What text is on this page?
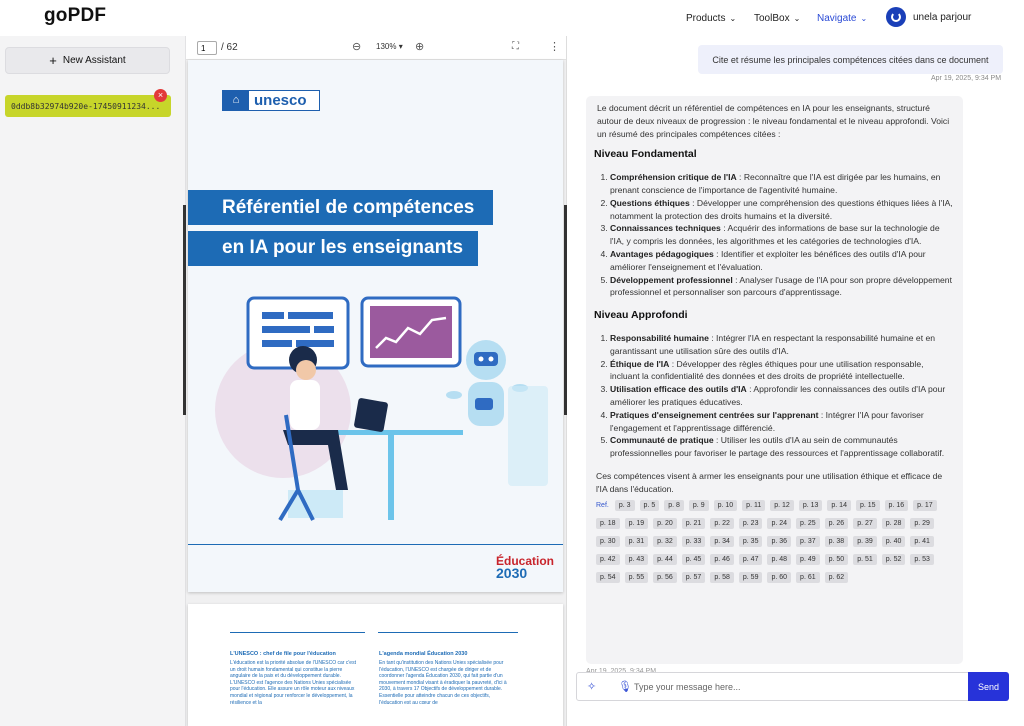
goPDF	Products ⌄ ToolBox ⌄ Navigate ⌄	unela parjour
+ New Assistant
0ddb8b32974b920e-17450911234...
×
1
/ 62	⊖ 130% ▾ ⊕	⛶	⋮
⌂ unesco
Référentiel de compétences
en IA pour les enseignants
Éducation
2030
L'UNESCO : chef de file pour l'éducation
L'éducation est la priorité absolue de l'UNESCO car c'est un droit humain fondamental qui constitue la pierre angulaire de la paix et du développement durable. L'UNESCO est l'agence des Nations Unies spécialisée pour l'éducation. Elle assure un rôle moteur aux niveaux mondial et régional pour renforcer le développement, la résilience et la
L'agenda mondial Éducation 2030
En tant qu'institution des Nations Unies spécialisée pour l'éducation, l'UNESCO est chargée de diriger et de coordonner l'agenda Éducation 2030, qui fait partie d'un mouvement mondial visant à éradiquer la pauvreté, d'ici à 2030, à travers 17 Objectifs de développement durable. Essentielle pour atteindre chacun de ces objectifs, l'éducation est au cœur de
Cite et résume les principales compétences citées dans ce document
Apr 19, 2025, 9:34 PM

Le document décrit un référentiel de compétences en IA pour les enseignants, structuré autour de deux niveaux de progression : le niveau fondamental et le niveau approfondi. Voici un résumé des principales compétences citées :

Niveau Fondamental
1. Compréhension critique de l'IA : Reconnaître que l'IA est dirigée par les humains, en prenant conscience de l'importance de l'agentivité humaine.
2. Questions éthiques : Développer une compréhension des questions éthiques liées à l'IA, notamment la protection des droits humains et la diversité.
3. Connaissances techniques : Acquérir des informations de base sur la technologie de l'IA, y compris les données, les algorithmes et les catégories de technologies d'IA.
4. Avantages pédagogiques : Identifier et exploiter les bénéfices des outils d'IA pour améliorer l'enseignement et l'évaluation.
5. Développement professionnel : Analyser l'usage de l'IA pour son propre développement professionnel et personnaliser son parcours d'apprentissage.
Niveau Approfondi
1. Responsabilité humaine : Intégrer l'IA en respectant la responsabilité humaine et en garantissant une utilisation sûre des outils d'IA.
2. Éthique de l'IA : Développer des règles éthiques pour une utilisation responsable, incluant la confidentialité des données et des droits de propriété intellectuelle.
3. Utilisation efficace des outils d'IA : Approfondir les connaissances des outils d'IA pour améliorer les pratiques éducatives.
4. Pratiques d'enseignement centrées sur l'apprenant : Intégrer l'IA pour favoriser l'engagement et l'apprentissage différencié.
5. Communauté de pratique : Utiliser les outils d'IA au sein de communautés professionnelles pour favoriser le partage des ressources et l'apprentissage collaboratif.

Ces compétences visent à armer les enseignants pour une utilisation éthique et efficace de l'IA dans l'éducation.

Ref.	p. 3	p. 5	p. 8	p. 9	p. 10	p. 11	p. 12	p. 13	p. 14	p. 15	p. 16	p. 17
p. 18	p. 19	p. 20	p. 21	p. 22	p. 23	p. 24	p. 25	p. 26	p. 27	p. 28	p. 29
p. 30	p. 31	p. 32	p. 33	p. 34	p. 35	p. 36	p. 37	p. 38	p. 39	p. 40	p. 41
p. 42	p. 43	p. 44	p. 45	p. 46	p. 47	p. 48	p. 49	p. 50	p. 51	p. 52	p. 53
p. 54	p. 55	p. 56	p. 57	p. 58	p. 59	p. 60	p. 61	p. 62
✧ 🎙
Type your message here...	Send
